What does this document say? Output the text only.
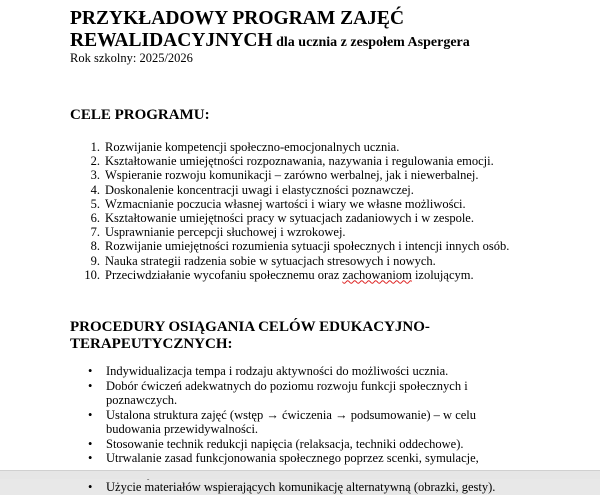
PRZYKŁADOWY PROGRAM ZAJĘĆ
REWALIDACYJNYCH dla ucznia z zespołem Aspergera
Rok szkolny: 2025/2026
CELE PROGRAMU:
1. Rozwijanie kompetencji społeczno-emocjonalnych ucznia.
2. Kształtowanie umiejętności rozpoznawania, nazywania i regulowania emocji.
3. Wspieranie rozwoju komunikacji – zarówno werbalnej, jak i niewerbalnej.
4. Doskonalenie koncentracji uwagi i elastyczności poznawczej.
5. Wzmacnianie poczucia własnej wartości i wiary we własne możliwości.
6. Kształtowanie umiejętności pracy w sytuacjach zadaniowych i w zespole.
7. Usprawnianie percepcji słuchowej i wzrokowej.
8. Rozwijanie umiejętności rozumienia sytuacji społecznych i intencji innych osób.
9. Nauka strategii radzenia sobie w sytuacjach stresowych i nowych.
10. Przeciwdziałanie wycofaniu społecznemu oraz zachowaniom izolującym.
PROCEDURY OSIĄGANIA CELÓW EDUKACYJNO-
TERAPEUTYCZNYCH:
•	Indywidualizacja tempa i rodzaju aktywności do możliwości ucznia.
•	Dobór ćwiczeń adekwatnych do poziomu rozwoju funkcji społecznych i poznawczych.
•	Ustalona struktura zajęć (wstęp → ćwiczenia → podsumowanie) – w celu budowania przewidywalności.
•	Stosowanie technik redukcji napięcia (relaksacja, techniki oddechowe).
•	Utrwalanie zasad funkcjonowania społecznego poprzez scenki, symulacje,
•	Użycie materiałów wspierających komunikację alternatywną (obrazki, gesty).
